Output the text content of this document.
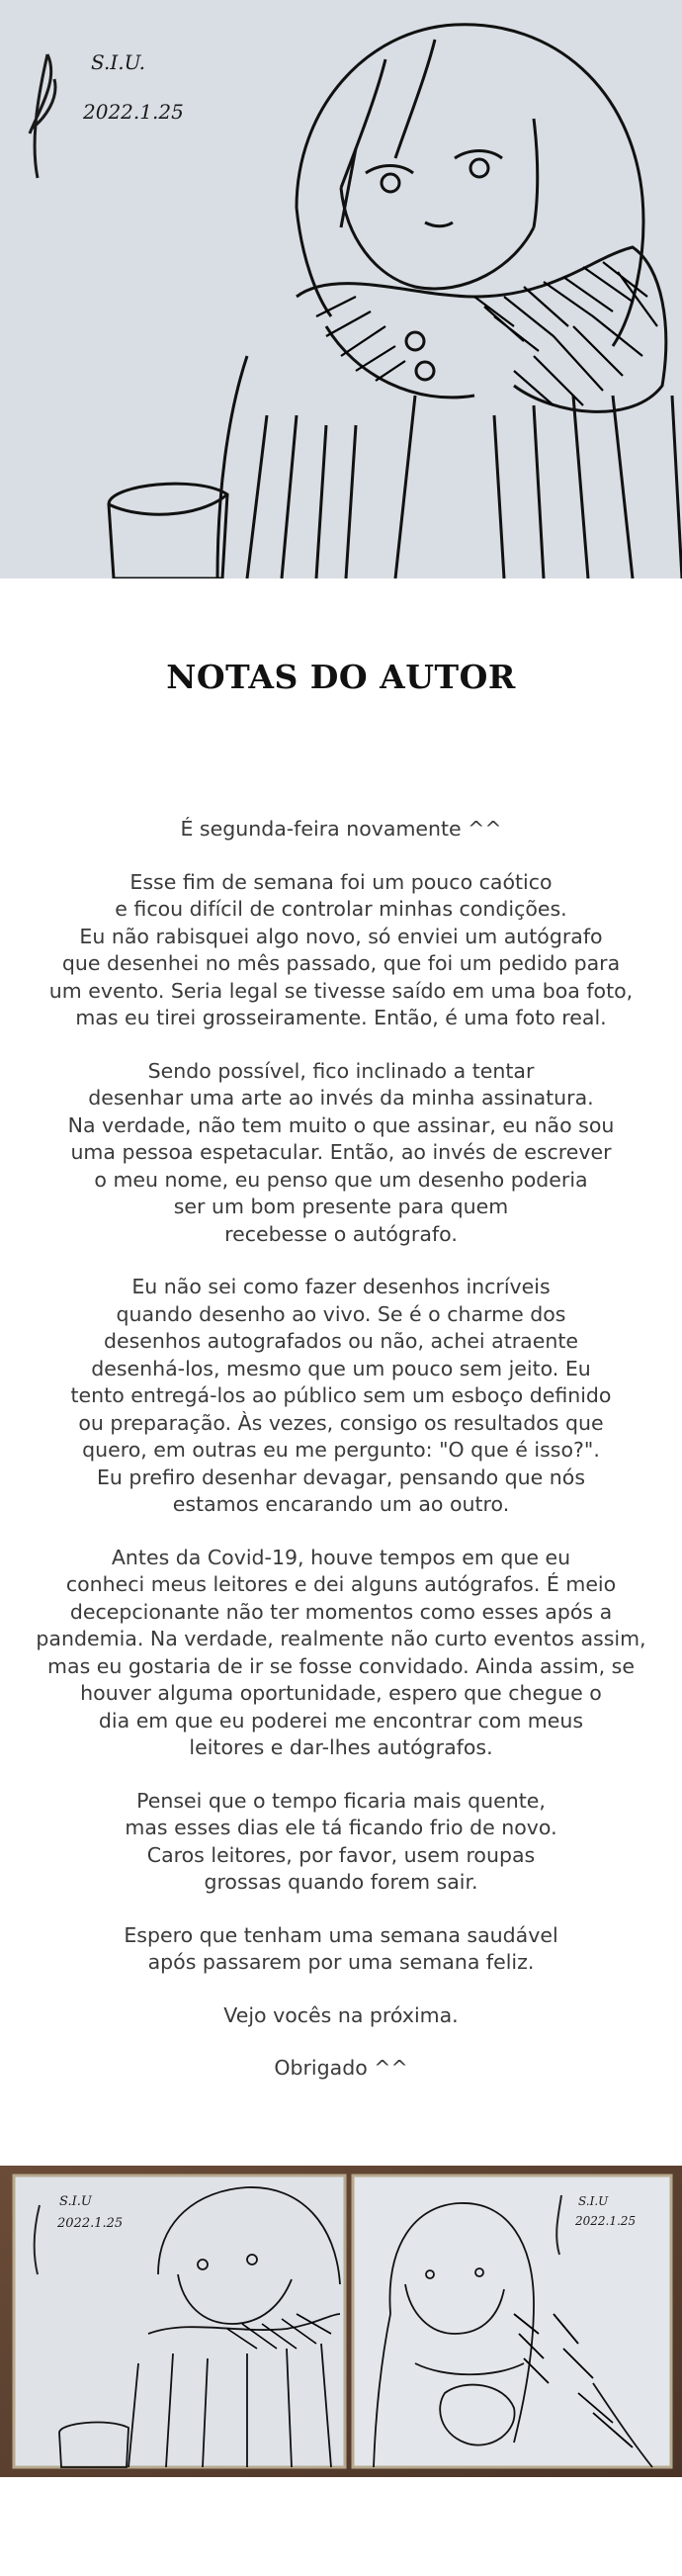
S.I.U.
2022.1.25
NOTAS DO AUTOR

É segunda-feira novamente ^^

Esse fim de semana foi um pouco caótico
e ficou difícil de controlar minhas condições.
Eu não rabisquei algo novo, só enviei um autógrafo
que desenhei no mês passado, que foi um pedido para
um evento. Seria legal se tivesse saído em uma boa foto,
mas eu tirei grosseiramente. Então, é uma foto real.

Sendo possível, fico inclinado a tentar
desenhar uma arte ao invés da minha assinatura.
Na verdade, não tem muito o que assinar, eu não sou
uma pessoa espetacular. Então, ao invés de escrever
o meu nome, eu penso que um desenho poderia
ser um bom presente para quem
recebesse o autógrafo.

Eu não sei como fazer desenhos incríveis
quando desenho ao vivo. Se é o charme dos
desenhos autografados ou não, achei atraente
desenhá-los, mesmo que um pouco sem jeito. Eu
tento entregá-los ao público sem um esboço definido
ou preparação. Às vezes, consigo os resultados que
quero, em outras eu me pergunto: "O que é isso?".
Eu prefiro desenhar devagar, pensando que nós
estamos encarando um ao outro.

Antes da Covid-19, houve tempos em que eu
conheci meus leitores e dei alguns autógrafos. É meio
decepcionante não ter momentos como esses após a
pandemia. Na verdade, realmente não curto eventos assim,
mas eu gostaria de ir se fosse convidado. Ainda assim, se
houver alguma oportunidade, espero que chegue o
dia em que eu poderei me encontrar com meus
leitores e dar-lhes autógrafos.

Pensei que o tempo ficaria mais quente,
mas esses dias ele tá ficando frio de novo.
Caros leitores, por favor, usem roupas
grossas quando forem sair.

Espero que tenham uma semana saudável
após passarem por uma semana feliz.

Vejo vocês na próxima.

Obrigado ^^

S.I.U
2022.1.25
S.I.U
2022.1.25
